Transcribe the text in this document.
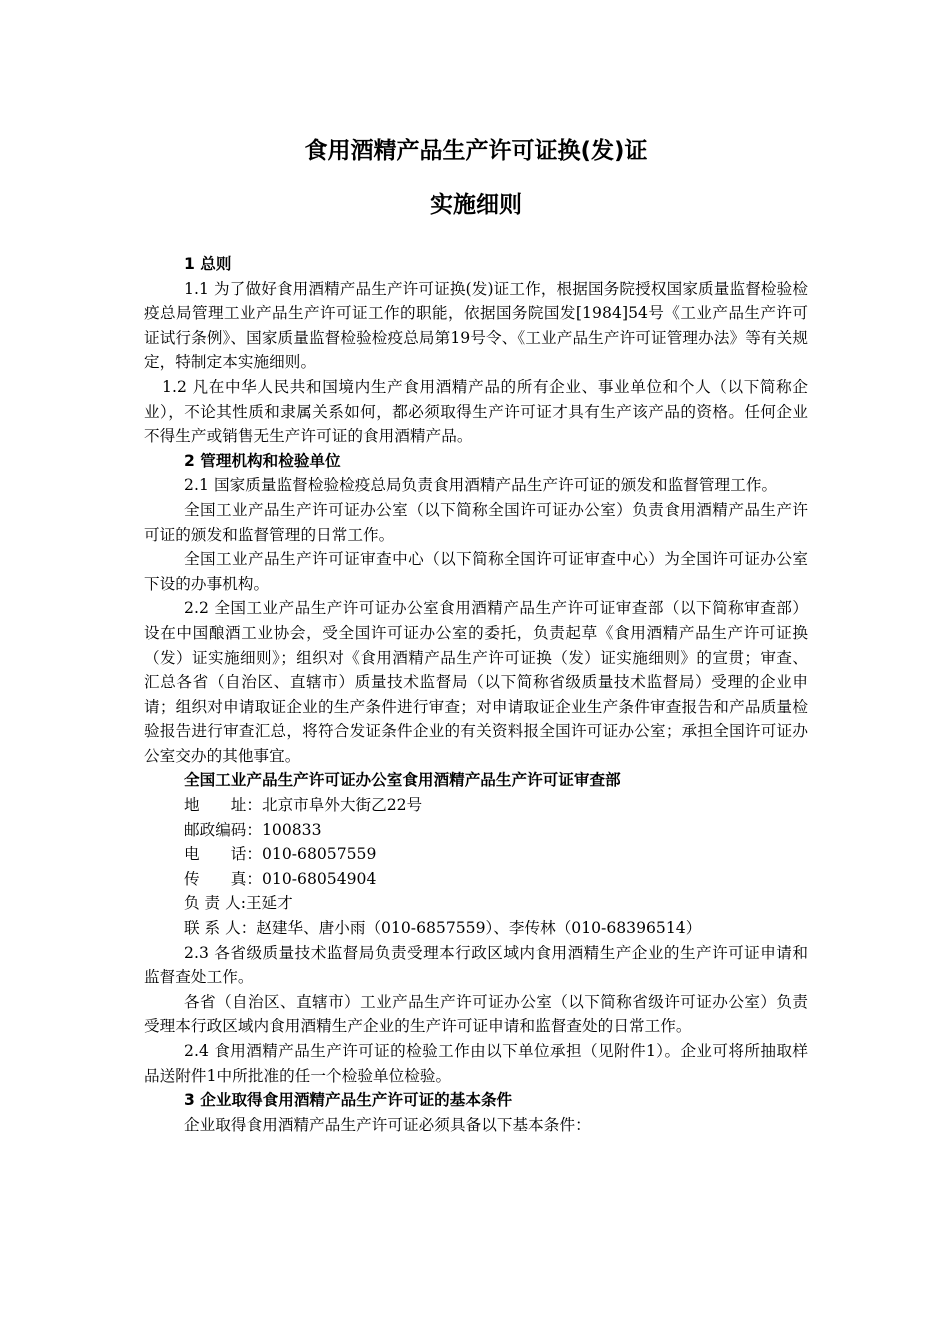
食用酒精产品生产许可证换(发)证
实施细则

1 总则

1.1 为了做好食用酒精产品生产许可证换(发)证工作，根据国务院授权国家质量监督检验检疫总局管理工业产品生产许可证工作的职能，依据国务院国发[1984]54号《工业产品生产许可证试行条例》、国家质量监督检验检疫总局第19号令、《工业产品生产许可证管理办法》等有关规定，特制定本实施细则。

1.2 凡在中华人民共和国境内生产食用酒精产品的所有企业、事业单位和个人（以下简称企业），不论其性质和隶属关系如何，都必须取得生产许可证才具有生产该产品的资格。任何企业不得生产或销售无生产许可证的食用酒精产品。

2 管理机构和检验单位

2.1 国家质量监督检验检疫总局负责食用酒精产品生产许可证的颁发和监督管理工作。

全国工业产品生产许可证办公室（以下简称全国许可证办公室）负责食用酒精产品生产许可证的颁发和监督管理的日常工作。

全国工业产品生产许可证审查中心（以下简称全国许可证审查中心）为全国许可证办公室下设的办事机构。

2.2 全国工业产品生产许可证办公室食用酒精产品生产许可证审查部（以下简称审查部）设在中国酿酒工业协会，受全国许可证办公室的委托，负责起草《食用酒精产品生产许可证换（发）证实施细则》；组织对《食用酒精产品生产许可证换（发）证实施细则》的宣贯；审查、汇总各省（自治区、直辖市）质量技术监督局（以下简称省级质量技术监督局）受理的企业申请；组织对申请取证企业的生产条件进行审查；对申请取证企业生产条件审查报告和产品质量检验报告进行审查汇总，将符合发证条件企业的有关资料报全国许可证办公室；承担全国许可证办公室交办的其他事宜。

全国工业产品生产许可证办公室食用酒精产品生产许可证审查部

地　　址：北京市阜外大街乙22号

邮政编码：100833

电　　话：010-68057559

传　　真：010-68054904

负 责 人:王延才

联 系 人：赵建华、唐小雨（010-6857559）、李传林（010-68396514）

2.3 各省级质量技术监督局负责受理本行政区域内食用酒精生产企业的生产许可证申请和监督查处工作。

各省（自治区、直辖市）工业产品生产许可证办公室（以下简称省级许可证办公室）负责受理本行政区域内食用酒精生产企业的生产许可证申请和监督查处的日常工作。

2.4 食用酒精产品生产许可证的检验工作由以下单位承担（见附件1）。企业可将所抽取样品送附件1中所批准的任一个检验单位检验。

3 企业取得食用酒精产品生产许可证的基本条件

企业取得食用酒精产品生产许可证必须具备以下基本条件：
